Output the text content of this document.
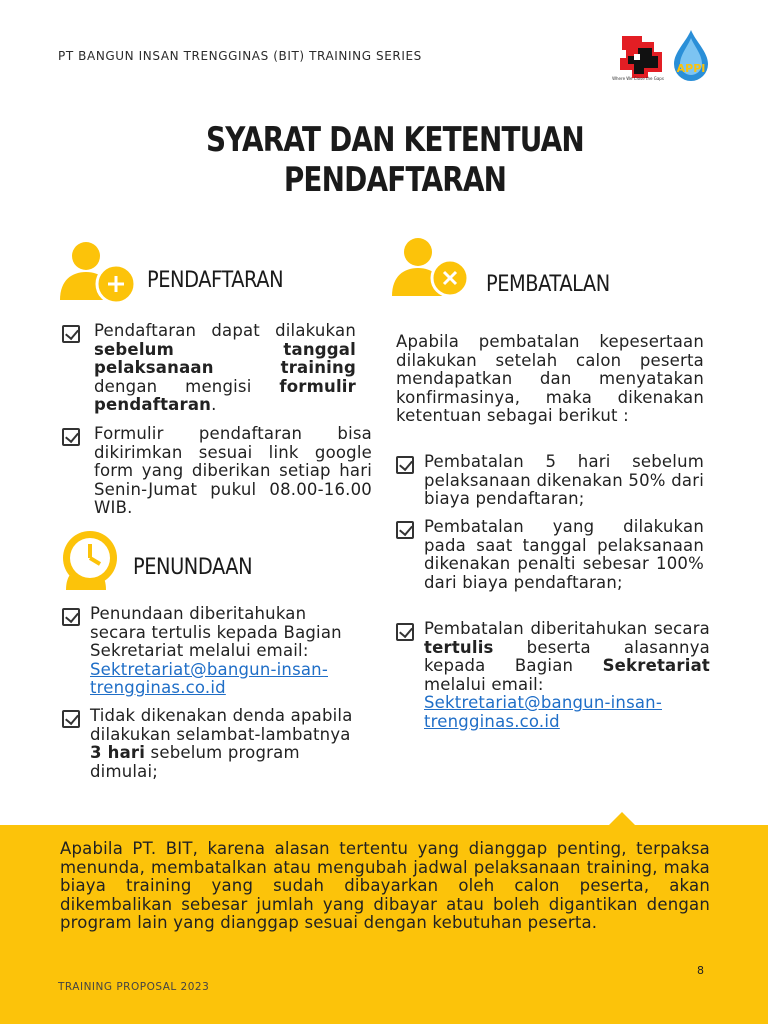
PT BANGUN INSAN TRENGGINAS (BIT) TRAINING SERIES
Where We Close the Gaps
APPI
SYARAT DAN KETENTUAN
PENDAFTARAN
PENDAFTARAN
Pendaftaran dapat dilakukan sebelum tanggal pelaksanaan training dengan mengisi formulir pendaftaran.
Formulir pendaftaran bisa dikirimkan sesuai link google form yang diberikan setiap hari Senin-Jumat pukul 08.00-16.00 WIB.
PENUNDAAN
Penundaan diberitahukan secara tertulis kepada Bagian Sekretariat melalui email:
Sektretariat@bangun-insan-trengginas.co.id
Tidak dikenakan denda apabila dilakukan selambat-lambatnya 3 hari sebelum program dimulai;
PEMBATALAN
Apabila pembatalan kepesertaan dilakukan setelah calon peserta mendapatkan dan menyatakan konfirmasinya, maka dikenakan ketentuan sebagai berikut :
Pembatalan 5 hari sebelum pelaksanaan dikenakan 50% dari biaya pendaftaran;
Pembatalan yang dilakukan pada saat tanggal pelaksanaan dikenakan penalti sebesar 100% dari biaya pendaftaran;
Pembatalan diberitahukan secara tertulis beserta alasannya kepada Bagian Sekretariat melalui email:
Sektretariat@bangun-insan-trengginas.co.id
Apabila PT. BIT, karena alasan tertentu yang dianggap penting, terpaksa menunda, membatalkan atau mengubah jadwal pelaksanaan training, maka biaya training yang sudah dibayarkan oleh calon peserta, akan dikembalikan sebesar jumlah yang dibayar atau boleh digantikan dengan program lain yang dianggap sesuai dengan kebutuhan peserta.
8
TRAINING PROPOSAL 2023
